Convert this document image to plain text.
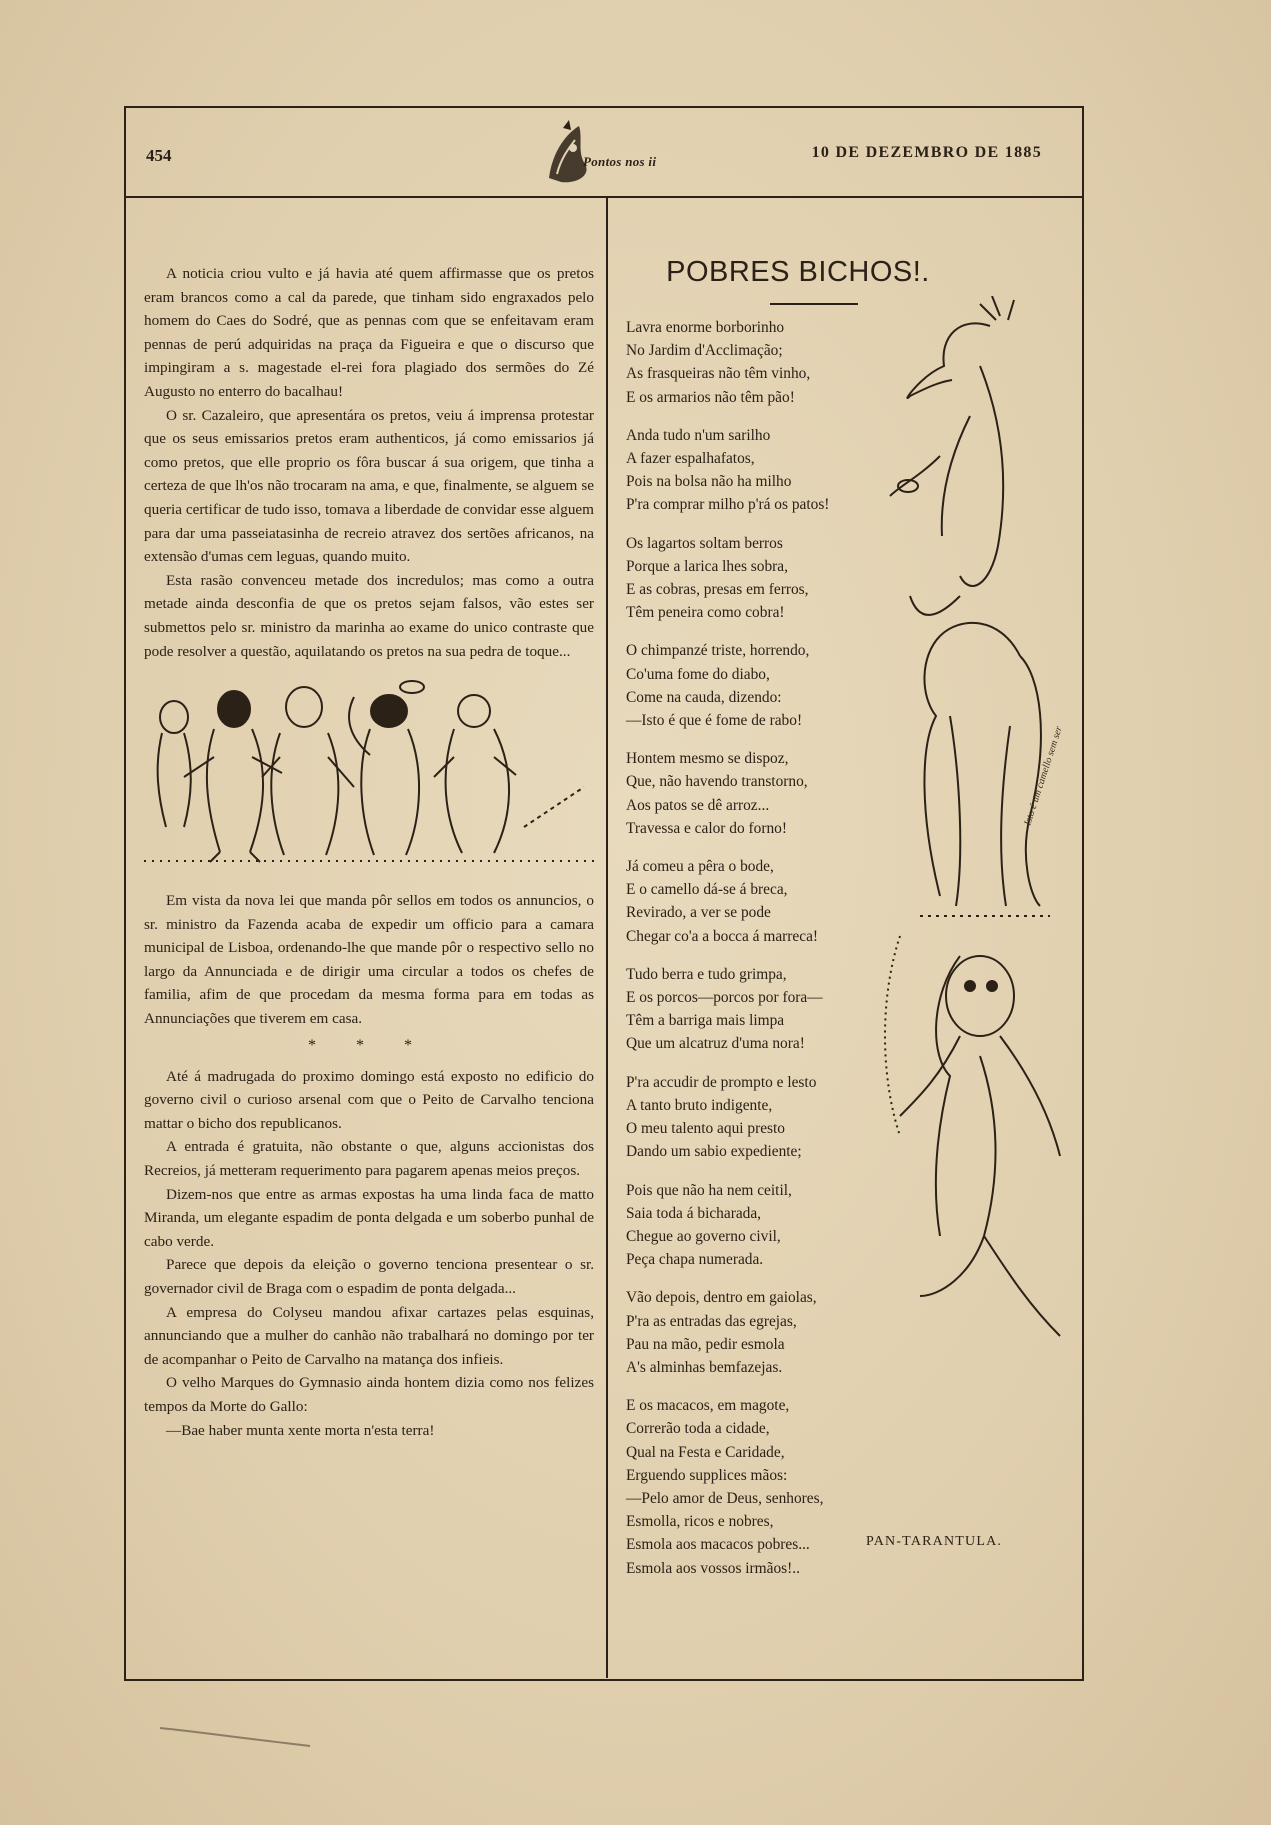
454	Pontos nos ii
10 DE DEZEMBRO DE 1885

A noticia criou vulto e já havia até quem affirmasse que os pretos eram brancos como a cal da parede, que tinham sido engraxados pelo homem do Caes do Sodré, que as pennas com que se enfeitavam eram pennas de perú adquiridas na praça da Figueira e que o discurso que impingiram a s. magestade el-rei fora plagiado dos sermões do Zé Augusto no enterro do bacalhau!

O sr. Cazaleiro, que apresentára os pretos, veiu á imprensa protestar que os seus emissarios pretos eram authenticos, já como emissarios já como pretos, que elle proprio os fôra buscar á sua origem, que tinha a certeza de que lh'os não trocaram na ama, e que, finalmente, se alguem se queria certificar de tudo isso, tomava a liberdade de convidar esse alguem para dar uma passeiatasinha de recreio atravez dos sertões africanos, na extensão d'umas cem leguas, quando muito.

Esta rasão convenceu metade dos incredulos; mas como a outra metade ainda desconfia de que os pretos sejam falsos, vão estes ser submettos pelo sr. ministro da marinha ao exame do unico contraste que pode resolver a questão, aquilatando os pretos na sua pedra de toque...

Em vista da nova lei que manda pôr sellos em todos os annuncios, o sr. ministro da Fazenda acaba de expedir um officio para a camara municipal de Lisboa, ordenando-lhe que mande pôr o respectivo sello no largo da Annunciada e de dirigir uma circular a todos os chefes de familia, afim de que procedam da mesma forma para em todas as Annunciações que tiverem em casa.

* * *

Até á madrugada do proximo domingo está exposto no edificio do governo civil o curioso arsenal com que o Peito de Carvalho tenciona mattar o bicho dos republicanos.

A entrada é gratuita, não obstante o que, alguns accionistas dos Recreios, já metteram requerimento para pagarem apenas meios preços.

Dizem-nos que entre as armas expostas ha uma linda faca de matto Miranda, um elegante espadim de ponta delgada e um soberbo punhal de cabo verde.

Parece que depois da eleição o governo tenciona presentear o sr. governador civil de Braga com o espadim de ponta delgada...

A empresa do Colyseu mandou afixar cartazes pelas esquinas, annunciando que a mulher do canhão não trabalhará no domingo por ter de acompanhar o Peito de Carvalho na matança dos infieis.

O velho Marques do Gymnasio ainda hontem dizia como nos felizes tempos da Morte do Gallo:

—Bae haber munta xente morta n'esta terra!

POBRES BICHOS!.
Lavra enorme borborinho
No Jardim d'Acclimação;
As frasqueiras não têm vinho,
E os armarios não têm pão!
Anda tudo n'um sarilho
A fazer espalhafatos,
Pois na bolsa não ha milho
P'ra comprar milho p'rá os patos!
Os lagartos soltam berros
Porque a larica lhes sobra,
E as cobras, presas em ferros,
Têm peneira como cobra!
O chimpanzé triste, horrendo,
Co'uma fome do diabo,
Come na cauda, dizendo:
—Isto é que é fome de rabo!
Hontem mesmo se dispoz,
Que, não havendo transtorno,
Aos patos se dê arroz...
Travessa e calor do forno!
Já comeu a pêra o bode,
E o camello dá-se á breca,
Revirado, a ver se pode
Chegar co'a a bocca á marreca!
Tudo berra e tudo grimpa,
E os porcos—porcos por fora—
Têm a barriga mais limpa
Que um alcatruz d'uma nora!
P'ra accudir de prompto e lesto
A tanto bruto indigente,
O meu talento aqui presto
Dando um sabio expediente;
Pois que não ha nem ceitil,
Saia toda á bicharada,
Chegue ao governo civil,
Peça chapa numerada.
Vão depois, dentro em gaiolas,
P'ra as entradas das egrejas,
Pau na mão, pedir esmola
A's alminhas bemfazejas.
E os macacos, em magote,
Correrão toda a cidade,
Qual na Festa e Caridade,
Erguendo supplices mãos:
—Pelo amor de Deus, senhores,
Esmolla, ricos e nobres,
Esmola aos macacos pobres...
Esmola aos vossos irmãos!..
PAN-TARANTULA.
Isto é um camello sem ser
